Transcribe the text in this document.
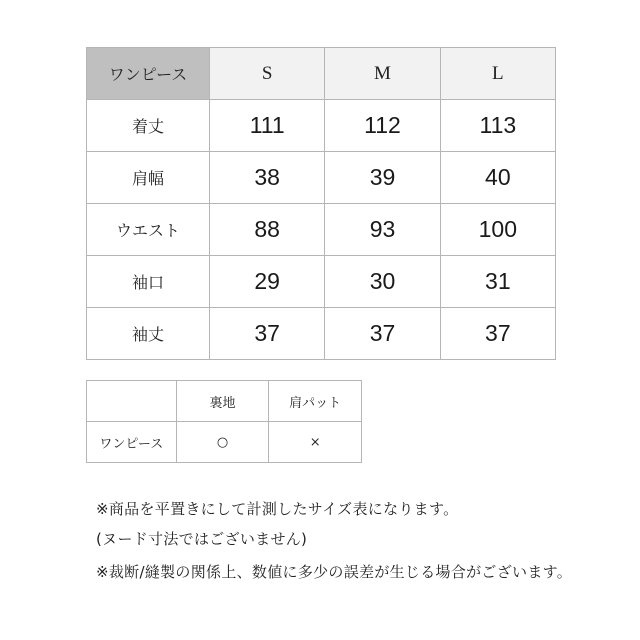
ワンピース	S	M	L
着丈	111	112	113
肩幅	38	39	40
ウエスト	88	93	100
袖口	29	30	31
袖丈	37	37	37
	裏地	肩パット
ワンピース	○	×
※商品を平置きにして計測したサイズ表になります。
(ヌード寸法ではございません)
※裁断/縫製の関係上、数値に多少の誤差が生じる場合がございます。
